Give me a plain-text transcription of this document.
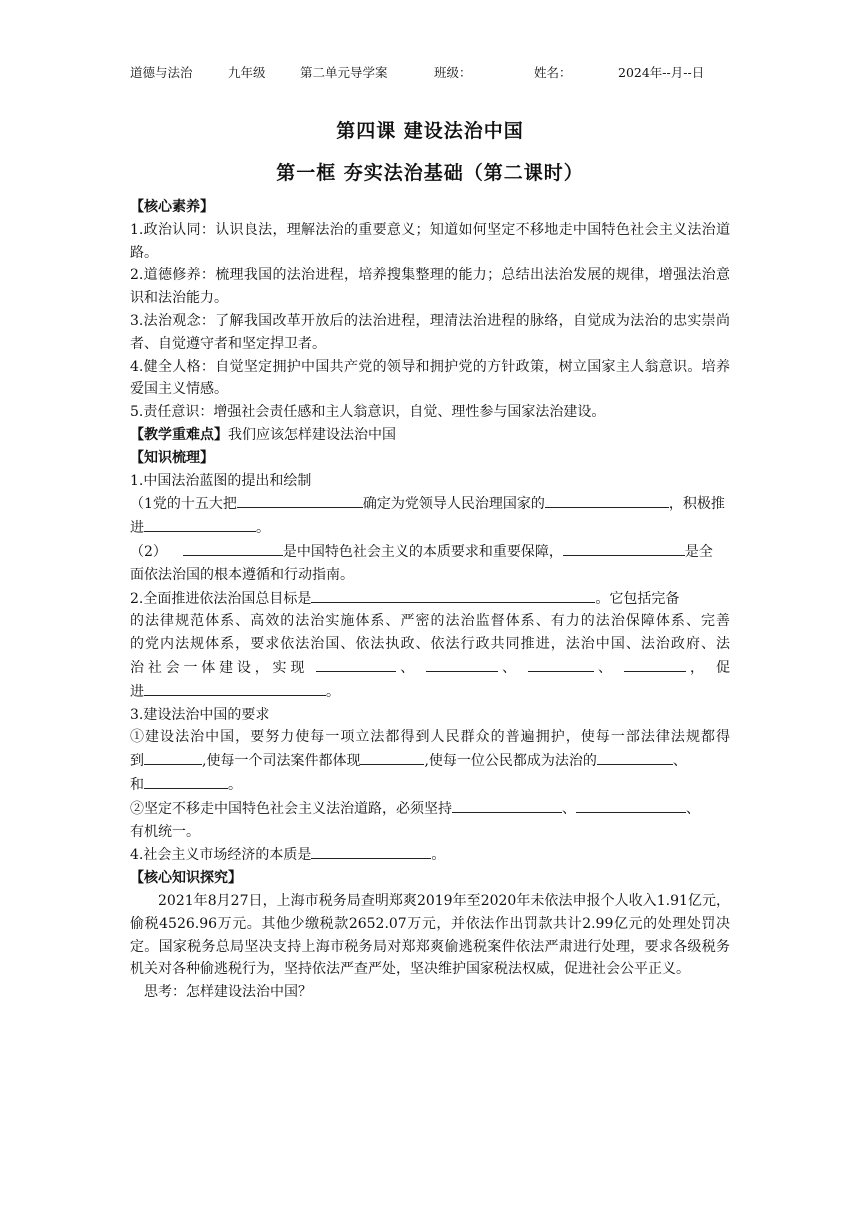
道德与法治	九年级	第二单元导学案	班级：	姓名：	2024年--月--日
第四课 建设法治中国
第一框 夯实法治基础（第二课时）

【核心素养】

1.政治认同：认识良法，理解法治的重要意义；知道如何坚定不移地走中国特色社会主义法治道路。

2.道德修养：梳理我国的法治进程，培养搜集整理的能力；总结出法治发展的规律，增强法治意识和法治能力。

3.法治观念：了解我国改革开放后的法治进程，理清法治进程的脉络，自觉成为法治的忠实崇尚者、自觉遵守者和坚定捍卫者。

4.健全人格：自觉坚定拥护中国共产党的领导和拥护党的方针政策，树立国家主人翁意识。培养爱国主义情感。

5.责任意识：增强社会责任感和主人翁意识，自觉、理性参与国家法治建设。

【教学重难点】我们应该怎样建设法治中国

【知识梳理】

1.中国法治蓝图的提出和绘制

（1党的十五大把	确定为党领导人民治理国家的	，积极推

进	。

（2）	是中国特色社会主义的本质要求和重要保障，	是全

面依法治国的根本遵循和行动指南。

2.全面推进依法治国总目标是	。它包括完备

的法律规范体系、高效的法治实施体系、严密的法治监督体系、有力的法治保障体系、完善

的党内法规体系，要求依法治国、依法执政、依法行政共同推进，法治中国、法治政府、法

治社会一体建设，实现	、	、	、	， 促

进	。

3.建设法治中国的要求

①建设法治中国，要努力使每一项立法都得到人民群众的普遍拥护，使每一部法律法规都得

到	,使每一个司法案件都体现	,使每一位公民都成为法治的	、

和	。

②坚定不移走中国特色社会主义法治道路，必须坚持	、	、

有机统一。

4.社会主义市场经济的本质是	。

【核心知识探究】

2021年8月27日，上海市税务局查明郑爽2019年至2020年未依法申报个人收入1.91亿元，偷税4526.96万元。其他少缴税款2652.07万元，并依法作出罚款共计2.99亿元的处理处罚决定。国家税务总局坚决支持上海市税务局对郑郑爽偷逃税案件依法严肃进行处理，要求各级税务机关对各种偷逃税行为，坚持依法严查严处，坚决维护国家税法权威，促进社会公平正义。

思考：怎样建设法治中国？
